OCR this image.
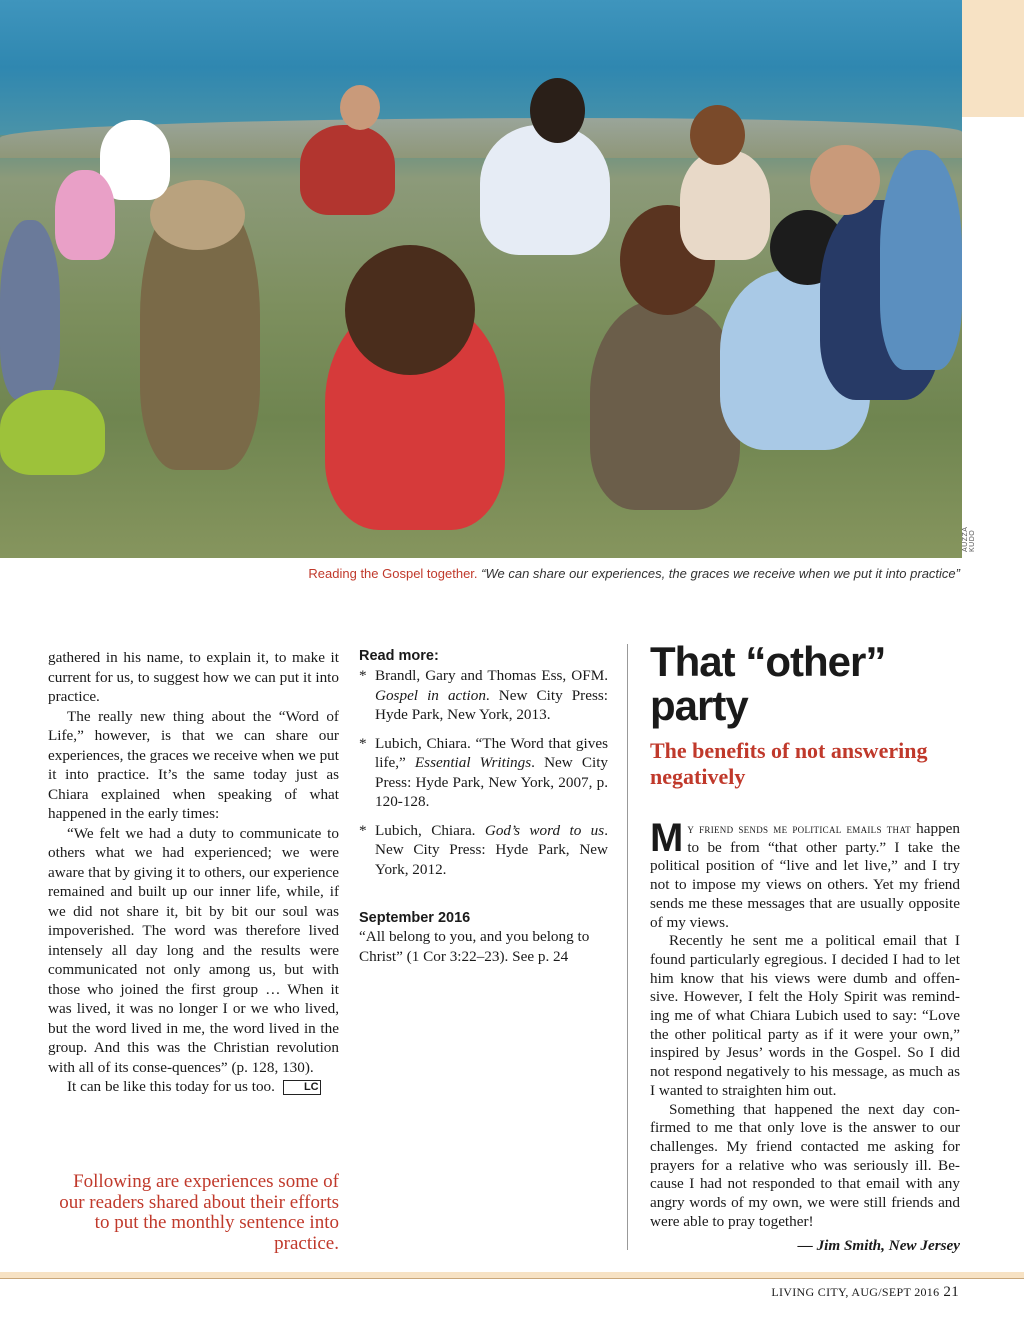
AUZZA KUDO
Reading the Gospel together. “We can share our experiences, the graces we receive when we put it into practice”

gathered in his name, to explain it, to make it current for us, to suggest how we can put it into practice.

The really new thing about the “Word of Life,” however, is that we can share our experiences, the graces we receive when we put it into practice. It’s the same today just as Chiara explained when speaking of what happened in the early times:

“We felt we had a duty to communicate to others what we had experienced; we were aware that by giving it to others, our experience remained and built up our inner life, while, if we did not share it, bit by bit our soul was impoverished. The word was therefore lived intensely all day long and the results were communicated not only among us, but with those who joined the first group … When it was lived, it was no longer I or we who lived, but the word lived in me, the word lived in the group. And this was the Christian revolution with all of its conse-quences” (p. 128, 130).

It can be like this today for us too.	LC

Following are experiences some of our readers shared about their efforts to put the monthly sentence into practice.
Read more:
* Brandl, Gary and Thomas Ess, OFM. Gospel in action. New City Press: Hyde Park, New York, 2013.
* Lubich, Chiara. “The Word that gives life,” Essential Writings. New City Press: Hyde Park, New York, 2007, p. 120-128.
* Lubich, Chiara. God’s word to us. New City Press: Hyde Park, New York, 2012.
September 2016

“All belong to you, and you belong to Christ” (1 Cor 3:22–23). See p. 24

That “other” party
The benefits of not answering negatively

My friend sends me political emails that happen to be from “that other party.” I take the political position of “live and let live,” and I try not to impose my views on others. Yet my friend sends me these messages that are usually opposite of my views.

Recently he sent me a political email that I found particularly egregious. I decided I had to let him know that his views were dumb and offen-sive. However, I felt the Holy Spirit was remind-ing me of what Chiara Lubich used to say: “Love the other political party as if it were your own,” inspired by Jesus’ words in the Gospel. So I did not respond negatively to his message, as much as I wanted to straighten him out.

Something that happened the next day con-firmed to me that only love is the answer to our challenges. My friend contacted me asking for prayers for a relative who was seriously ill. Be-cause I had not responded to that email with any angry words of my own, we were still friends and were able to pray together!

— Jim Smith, New Jersey

LIVING CITY, AUG/SEPT 2016 21
